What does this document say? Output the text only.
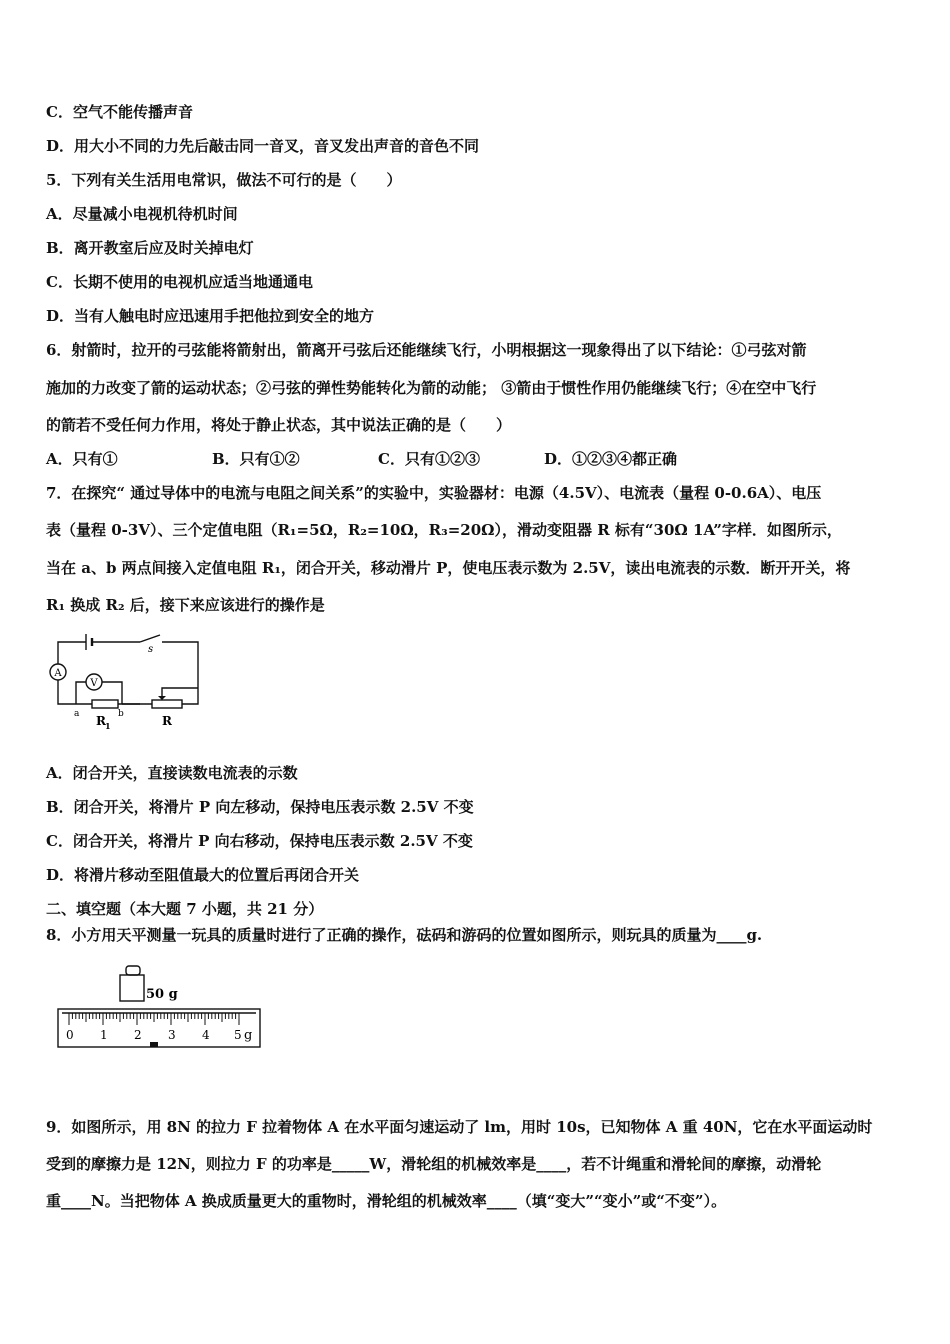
C．空气不能传播声音
D．用大小不同的力先后敲击同一音叉，音叉发出声音的音色不同
5．下列有关生活用电常识，做法不可行的是（　　）
A．尽量减小电视机待机时间
B．离开教室后应及时关掉电灯
C．长期不使用的电视机应适当地通通电
D．当有人触电时应迅速用手把他拉到安全的地方
6．射箭时，拉开的弓弦能将箭射出，箭离开弓弦后还能继续飞行，小明根据这一现象得出了以下结论：①弓弦对箭
施加的力改变了箭的运动状态；②弓弦的弹性势能转化为箭的动能； ③箭由于惯性作用仍能继续飞行；④在空中飞行
的箭若不受任何力作用，将处于静止状态，其中说法正确的是（　　）
A．只有①	B．只有①②	C．只有①②③	D．①②③④都正确
7．在探究“ 通过导体中的电流与电阻之间关系”的实验中，实验器材：电源（4.5V）、电流表（量程 0-0.6A）、电压
表（量程 0-3V）、三个定值电阻（R₁=5Ω，R₂=10Ω，R₃=20Ω），滑动变阻器 R 标有“30Ω 1A”字样．如图所示，
当在 a、b 两点间接入定值电阻 R₁，闭合开关，移动滑片 P，使电压表示数为 2.5V，读出电流表的示数．断开开关，将
R₁ 换成 R₂ 后，接下来应该进行的操作是
A
V
s
a	b
R 1	R
A．闭合开关，直接读数电流表的示数
B．闭合开关，将滑片 P 向左移动，保持电压表示数 2.5V 不变
C．闭合开关，将滑片 P 向右移动，保持电压表示数 2.5V 不变
D．将滑片移动至阻值最大的位置后再闭合开关
二、填空题（本大题 7 小题，共 21 分）
8．小方用天平测量一玩具的质量时进行了正确的操作，砝码和游码的位置如图所示，则玩具的质量为____g.
50 g
0 1 2 3 4 5 g
9．如图所示，用 8N 的拉力 F 拉着物体 A 在水平面匀速运动了 lm，用时 10s，已知物体 A 重 40N，它在水平面运动时
受到的摩擦力是 12N，则拉力 F 的功率是_____W，滑轮组的机械效率是____，若不计绳重和滑轮间的摩擦，动滑轮
重____N。当把物体 A 换成质量更大的重物时，滑轮组的机械效率____（填“变大”“变小”或“不变”）。
